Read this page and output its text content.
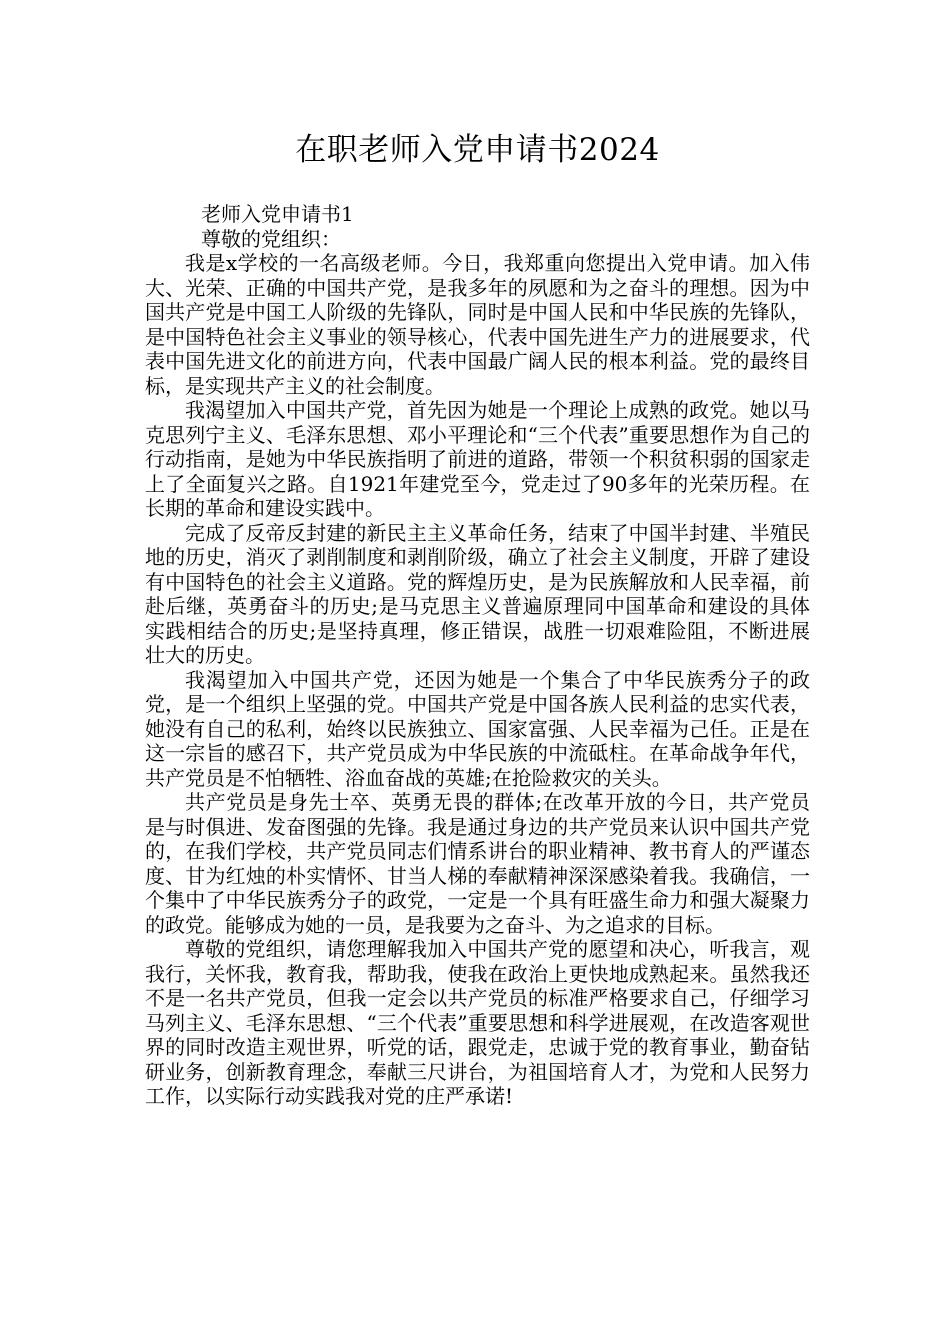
在职老师入党申请书2024

老师入党申请书1

尊敬的党组织：

我是x学校的一名高级老师。今日，我郑重向您提出入党申请。加入伟大、光荣、正确的中国共产党，是我多年的夙愿和为之奋斗的理想。因为中国共产党是中国工人阶级的先锋队，同时是中国人民和中华民族的先锋队，是中国特色社会主义事业的领导核心，代表中国先进生产力的进展要求，代表中国先进文化的前进方向，代表中国最广阔人民的根本利益。党的最终目标，是实现共产主义的社会制度。

我渴望加入中国共产党，首先因为她是一个理论上成熟的政党。她以马克思列宁主义、毛泽东思想、邓小平理论和“三个代表”重要思想作为自己的行动指南，是她为中华民族指明了前进的道路，带领一个积贫积弱的国家走上了全面复兴之路。自1921年建党至今，党走过了90多年的光荣历程。在长期的革命和建设实践中。

完成了反帝反封建的新民主主义革命任务，结束了中国半封建、半殖民地的历史，消灭了剥削制度和剥削阶级，确立了社会主义制度，开辟了建设有中国特色的社会主义道路。党的辉煌历史，是为民族解放和人民幸福，前赴后继，英勇奋斗的历史;是马克思主义普遍原理同中国革命和建设的具体实践相结合的历史;是坚持真理，修正错误，战胜一切艰难险阻，不断进展壮大的历史。

我渴望加入中国共产党，还因为她是一个集合了中华民族秀分子的政党，是一个组织上坚强的党。中国共产党是中国各族人民利益的忠实代表，她没有自己的私利，始终以民族独立、国家富强、人民幸福为己任。正是在这一宗旨的感召下，共产党员成为中华民族的中流砥柱。在革命战争年代，共产党员是不怕牺牲、浴血奋战的英雄;在抢险救灾的关头。

共产党员是身先士卒、英勇无畏的群体;在改革开放的今日，共产党员是与时俱进、发奋图强的先锋。我是通过身边的共产党员来认识中国共产党的，在我们学校，共产党员同志们情系讲台的职业精神、教书育人的严谨态度、甘为红烛的朴实情怀、甘当人梯的奉献精神深深感染着我。我确信，一个集中了中华民族秀分子的政党，一定是一个具有旺盛生命力和强大凝聚力的政党。能够成为她的一员，是我要为之奋斗、为之追求的目标。

尊敬的党组织，请您理解我加入中国共产党的愿望和决心，听我言，观我行，关怀我，教育我，帮助我，使我在政治上更快地成熟起来。虽然我还不是一名共产党员，但我一定会以共产党员的标准严格要求自己，仔细学习马列主义、毛泽东思想、“三个代表”重要思想和科学进展观，在改造客观世界的同时改造主观世界，听党的话，跟党走，忠诚于党的教育事业，勤奋钻研业务，创新教育理念，奉献三尺讲台，为祖国培育人才，为党和人民努力工作，以实际行动实践我对党的庄严承诺!
